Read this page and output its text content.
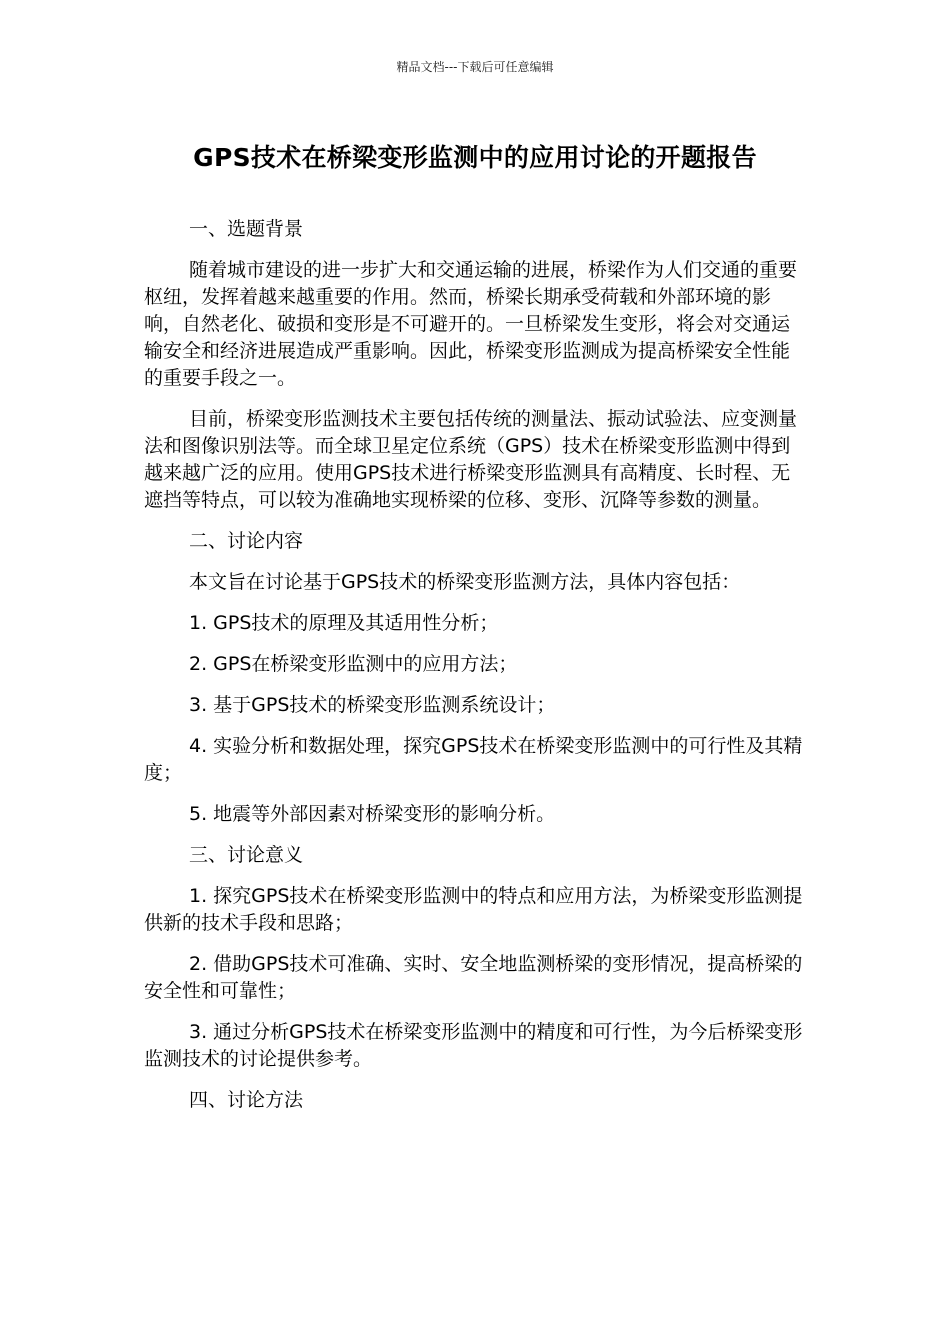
精品文档---下载后可任意编辑
GPS技术在桥梁变形监测中的应用讨论的开题报告

一、选题背景

随着城市建设的进一步扩大和交通运输的进展，桥梁作为人们交通的重要枢纽，发挥着越来越重要的作用。然而，桥梁长期承受荷载和外部环境的影响，自然老化、破损和变形是不可避开的。一旦桥梁发生变形，将会对交通运输安全和经济进展造成严重影响。因此，桥梁变形监测成为提高桥梁安全性能的重要手段之一。

目前，桥梁变形监测技术主要包括传统的测量法、振动试验法、应变测量法和图像识别法等。而全球卫星定位系统（GPS）技术在桥梁变形监测中得到越来越广泛的应用。使用GPS技术进行桥梁变形监测具有高精度、长时程、无遮挡等特点，可以较为准确地实现桥梁的位移、变形、沉降等参数的测量。

二、讨论内容

本文旨在讨论基于GPS技术的桥梁变形监测方法，具体内容包括：

1. GPS技术的原理及其适用性分析；

2. GPS在桥梁变形监测中的应用方法；

3. 基于GPS技术的桥梁变形监测系统设计；

4. 实验分析和数据处理，探究GPS技术在桥梁变形监测中的可行性及其精度；

5. 地震等外部因素对桥梁变形的影响分析。

三、讨论意义

1. 探究GPS技术在桥梁变形监测中的特点和应用方法，为桥梁变形监测提供新的技术手段和思路；

2. 借助GPS技术可准确、实时、安全地监测桥梁的变形情况，提高桥梁的安全性和可靠性；

3. 通过分析GPS技术在桥梁变形监测中的精度和可行性，为今后桥梁变形监测技术的讨论提供参考。

四、讨论方法
